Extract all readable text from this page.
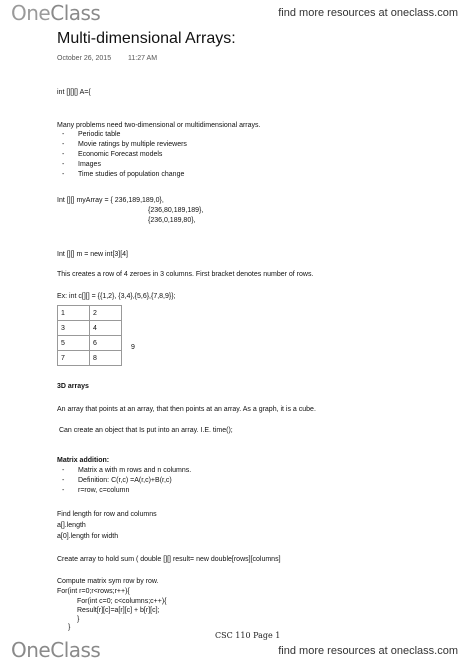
OneClass	find more resources at oneclass.com
Multi-dimensional Arrays:
October 26, 2015 11:27 AM
int [][][] A={
Many problems need two-dimensional or multidimensional arrays.
- Periodic table
- Movie ratings by multiple reviewers
- Economic Forecast models
- Images
- Time studies of population change
Int [][] myArray = { 236,189,189,0},
{236,80,189,189},
{236,0,189,80},
Int [][] m = new int[3][4]
This creates a row of 4 zeroes in 3 columns. First bracket denotes number of rows.
Ex: int c[][] = {{1,2}, {3,4},{5,6},{7,8,9}};
1	2
3	4
5	6
7	8
9
3D arrays
An array that points at an array, that then points at an array. As a graph, it is a cube.
Can create an object that Is put into an array. I.E. time();
Matrix addition:
- Matrix a with m rows and n columns.
- Definition: C(r,c) =A(r,c)+B(r,c)
- r=row, c=column
Find length for row and columns
a[].length
a[0].length for width
Create array to hold sum ( double [][] result= new double[rows][columns]
Compute matrix sym row by row.
For(int r=0;r<rows;r++){
For(int c=0; c<columns;c++){
Result[r][c]=a[r][c] + b[r][c];
}
}
CSC 110 Page 1
OneClass	find more resources at oneclass.com
